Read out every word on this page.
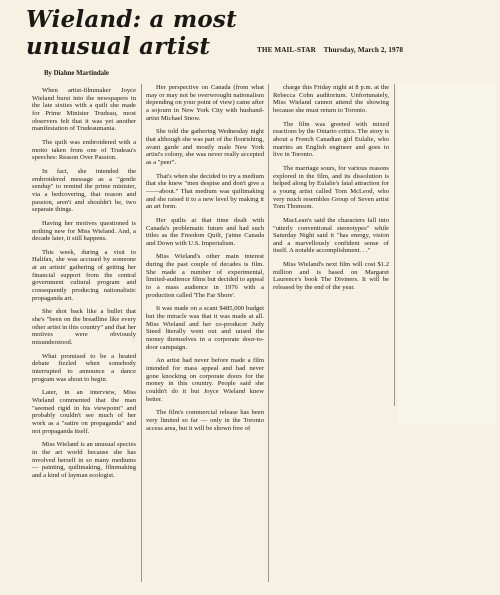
Wieland: a most unusual artist	THE MAIL-STAR Thursday, March 2, 1978
By Diahne Martindale

When artist-filmmaker Joyce Wieland burst into the newspapers in the late sixties with a quilt she made for Prime Minister Trudeau, most observers felt that it was yet another manifestation of Trudeaumania.

The quilt was embroidered with a motto taken from one of Trudeau's speeches: Reason Over Passion.

In fact, she intended the embroidered message as a "gentle sendup" to remind the prime minister, via a bedcovering, that reason and passion, aren't and shouldn't be, two separate things.

Having her motives questioned is nothing new for Miss Wieland. And, a decade later, it still happens.

This week, during a visit to Halifax, she was accused by someone at an artists' gathering of getting her financial support from the central government cultural program and consequently producing nationalistic propaganda art.

She shot back like a bullet that she's "been on the breadline like every other artist in this country" and that her motives were obviously misunderstood.

What promised to be a heated debate fizzled when somebody interrupted to announce a dance program was about to begin.

Later, in an interview, Miss Wieland commented that the man "seemed rigid in his viewpoint" and probably couldn't see much of her work as a "satire on propaganda" and not propaganda itself.

Miss Wieland is an unusual species in the art world because she has involved herself in so many mediums — painting, quiltmaking, filmmaking and a kind of layman ecologist.

Her perspective on Canada (from what may or may not be overwrought nationalism depending on your point of view) came after a sojourn in New York City with husband-artist Michael Snow.

She told the gathering Wednesday night that although she was part of the flourishing, avant garde and mostly male New York artist's colony, she was never really accepted as a "peer".

That's when she decided to try a medium that she knew "men despise and don't give a ——about." That medium was quiltmaking and she raised it to a new level by making it an art form.

Her quilts at that time dealt with Canada's problematic future and had such titles as the Freedom Quilt, j'aime Canada and Down with U.S. Imperialism.

Miss Wieland's other main interest during the past couple of decades is film. She made a number of experimental, limited-audience films but decided to appeal to a mass audience in 1976 with a production called 'The Far Shore'.

It was made on a scant $485,000 budget but the miracle was that it was made at all. Miss Wieland and her co-producer Judy Steed literally went out and raised the money themselves in a corporate door-to-door campaign.

An artist had never before made a film intended for mass appeal and had never gone knocking on corporate doors for the money in this country. People said she couldn't do it but Joyce Wieland knew better.

The film's commercial release has been very limited so far — only in the Toronto access area, but it will be shown free of

charge this Friday night at 8 p.m. at the Rebecca Cohn auditorium. Unfortunately, Miss Wieland cannot attend the showing because she must return to Toronto.

The film was greeted with mixed reactions by the Ontario critics. The story is about a French Canadian girl Eulalie, who marries an English engineer and goes to live in Toronto.

The marriage sours, for various reasons explored in the film, and its dissolution is helped along by Eulalie's fatal attraction for a young artist called Tom McLeod, who very much resembles Group of Seven artist Tom Thomson.

MacLean's said the characters fall into "utterly conventional stereotypes" while Saturday Night said it "has energy, vision and a marvellously confident sense of itself. A notable accomplishment. . ."

Miss Wieland's next film will cost $1.2 million and is based on Margaret Laurence's book The Diviners. It will be released by the end of the year.
